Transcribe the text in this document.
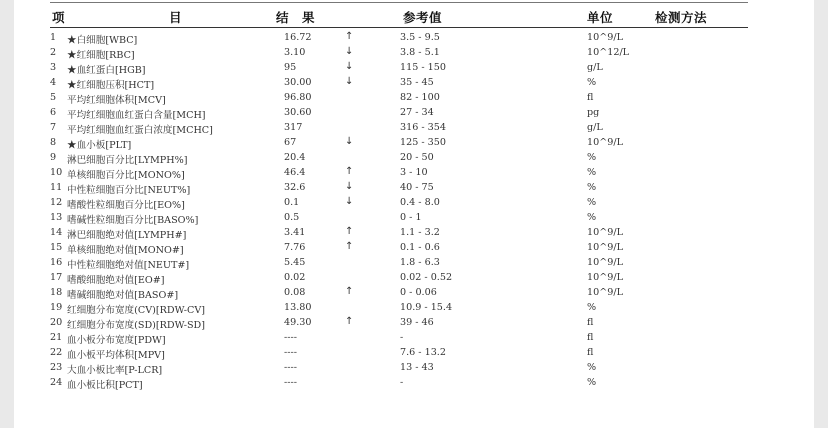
项　　　　　　　　目	结　果	参考值	单位	检测方法
1 ★白细胞[WBC]	16.72	↑	3.5 - 9.5	10^9/L
2 ★红细胞[RBC]	3.10	↓	3.8 - 5.1	10^12/L
3 ★血红蛋白[HGB]	95	↓	115 - 150	g/L
4 ★红细胞压积[HCT]	30.00	↓	35 - 45	%
5 平均红细胞体积[MCV]	96.80	82 - 100	fl
6 平均红细胞血红蛋白含量[MCH]	30.60	27 - 34	pg
7 平均红细胞血红蛋白浓度[MCHC]	317	316 - 354	g/L
8 ★血小板[PLT]	67	↓	125 - 350	10^9/L
9 淋巴细胞百分比[LYMPH%]	20.4	20 - 50	%
10 单核细胞百分比[MONO%]	46.4	↑	3 - 10	%
11 中性粒细胞百分比[NEUT%]	32.6	↓	40 - 75	%
12 嗜酸性粒细胞百分比[EO%]	0.1	↓	0.4 - 8.0	%
13 嗜碱性粒细胞百分比[BASO%]	0.5	0 - 1	%
14 淋巴细胞绝对值[LYMPH#]	3.41	↑	1.1 - 3.2	10^9/L
15 单核细胞绝对值[MONO#]	7.76	↑	0.1 - 0.6	10^9/L
16 中性粒细胞绝对值[NEUT#]	5.45	1.8 - 6.3	10^9/L
17 嗜酸细胞绝对值[EO#]	0.02	0.02 - 0.52	10^9/L
18 嗜碱细胞绝对值[BASO#]	0.08	↑	0 - 0.06	10^9/L
19 红细胞分布宽度(CV)[RDW-CV]	13.80	10.9 - 15.4	%
20 红细胞分布宽度(SD)[RDW-SD]	49.30	↑	39 - 46	fl
21 血小板分布宽度[PDW]	----	-	fl
22 血小板平均体积[MPV]	----	7.6 - 13.2	fl
23 大血小板比率[P-LCR]	----	13 - 43	%
24 血小板比积[PCT]	----	-	%
